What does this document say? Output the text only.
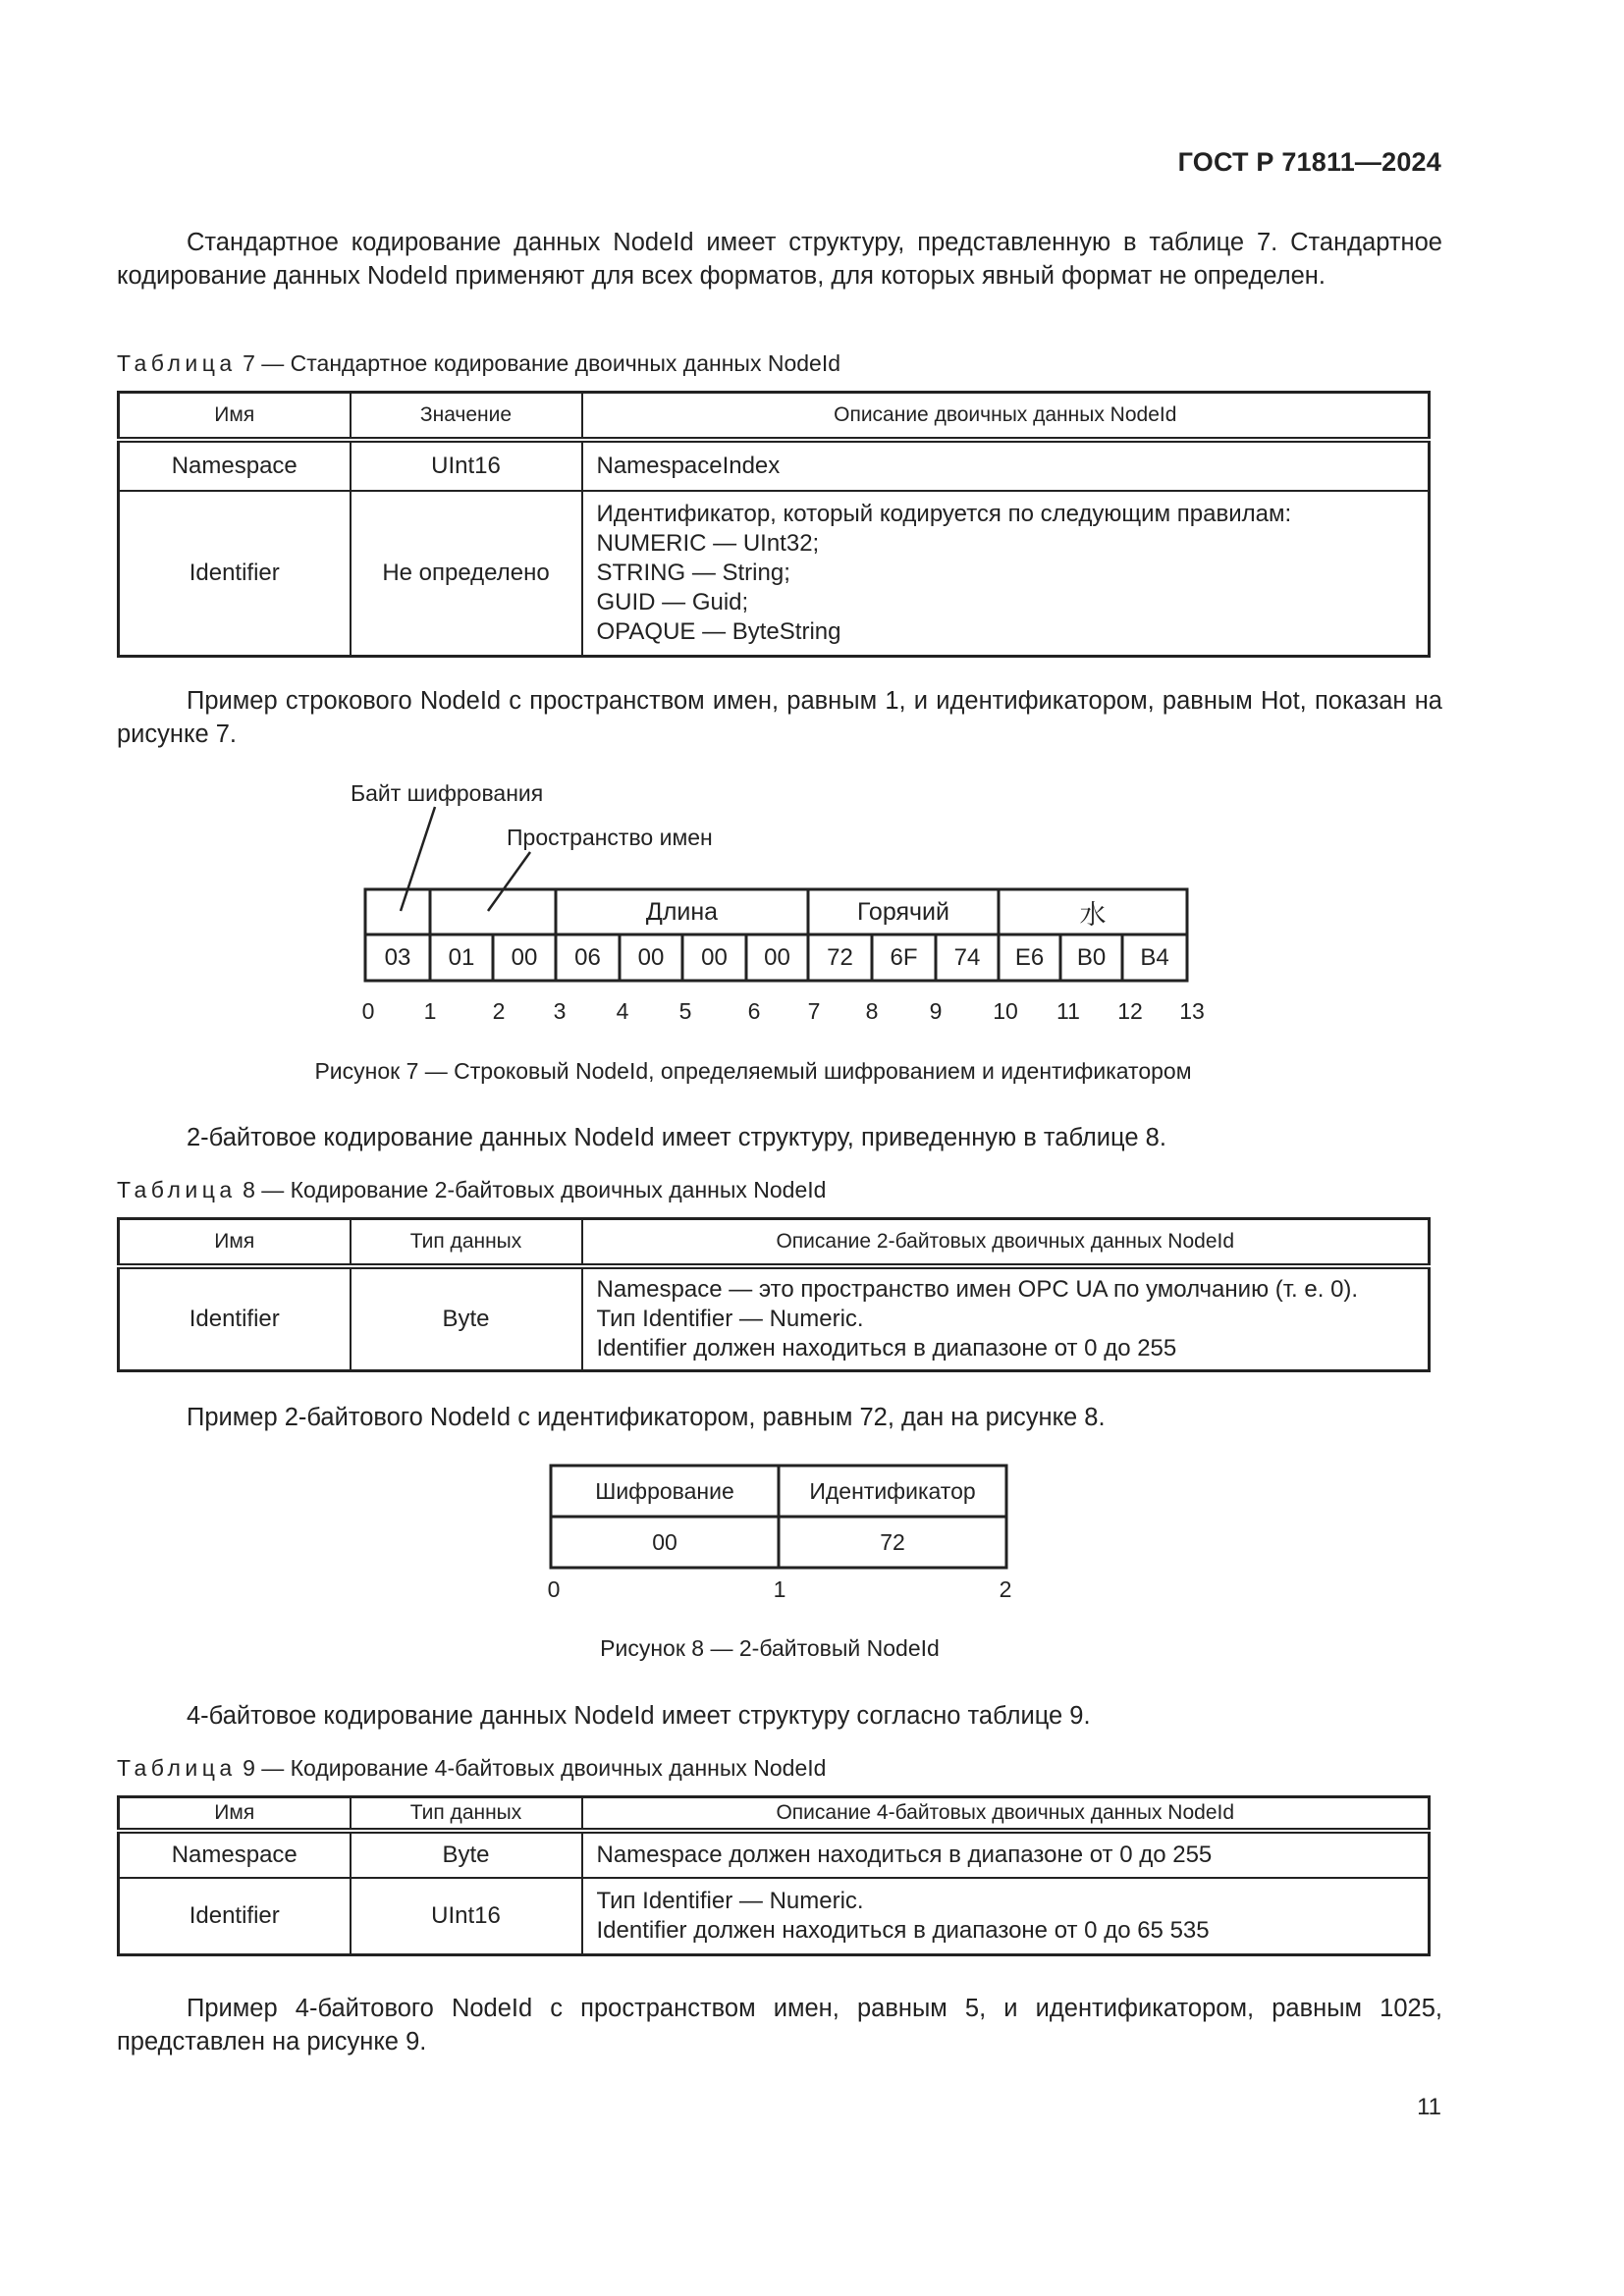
ГОСТ Р 71811—2024
Стандартное кодирование данных NodeId имеет структуру, представленную в таблице 7. Стандартное кодирование данных NodeId применяют для всех форматов, для которых явный формат не определен.
Таблица 7 — Стандартное кодирование двоичных данных NodeId
Имя	Значение	Описание двоичных данных NodeId
Namespace	UInt16	NamespaceIndex
Identifier	Не определено	Идентификатор, который кодируется по следующим правилам:
NUMERIC — UInt32;
STRING — String;
GUID — Guid;
OPAQUE — ByteString
Пример строкового NodeId с пространством имен, равным 1, и идентификатором, равным Hot, показан на рисунке 7.
Байт шифрования
Пространство имен
Длина	Горячий	水
03	01	00	06	00	00	00	72	6F	74	E6	B0	B4
0 1 2 3 4 5 6 7 8 9 10 11 12 13
Рисунок 7 — Строковый NodeId, определяемый шифрованием и идентификатором
2-байтовое кодирование данных NodeId имеет структуру, приведенную в таблице 8.
Таблица 8 — Кодирование 2-байтовых двоичных данных NodeId
Имя	Тип данных	Описание 2-байтовых двоичных данных NodeId
Identifier	Byte	Namespace — это пространство имен OPC UA по умолчанию (т. е. 0).
Тип Identifier — Numeric.
Identifier должен находиться в диапазоне от 0 до 255
Пример 2-байтового NodeId с идентификатором, равным 72, дан на рисунке 8.
Шифрование	Идентификатор
00	72
0	1	2
Рисунок 8 — 2-байтовый NodeId
4-байтовое кодирование данных NodeId имеет структуру согласно таблице 9.
Таблица 9 — Кодирование 4-байтовых двоичных данных NodeId
Имя	Тип данных	Описание 4-байтовых двоичных данных NodeId
Namespace	Byte	Namespace должен находиться в диапазоне от 0 до 255
Identifier	UInt16	Тип Identifier — Numeric.
Identifier должен находиться в диапазоне от 0 до 65 535
Пример 4-байтового NodeId с пространством имен, равным 5, и идентификатором, равным 1025, представлен на рисунке 9.
11
